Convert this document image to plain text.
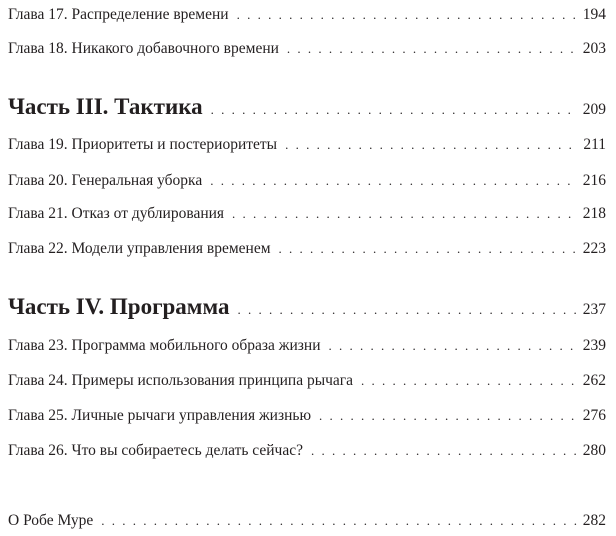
Глава 17. Распределение времени . . .	194
Глава 18. Никакого добавочного времени . . .	203
Часть III. Тактика . . .	209
Глава 19. Приоритеты и постериоритеты . . .	211
Глава 20. Генеральная уборка . . .	216
Глава 21. Отказ от дублирования . . .	218
Глава 22. Модели управления временем . . .	223
Часть IV. Программа . . .	237
Глава 23. Программа мобильного образа жизни . . .	239
Глава 24. Примеры использования принципа рычага . . .	262
Глава 25. Личные рычаги управления жизнью . . .	276
Глава 26. Что вы собираетесь делать сейчас? . . .	280
О Робе Муре . . .	282
